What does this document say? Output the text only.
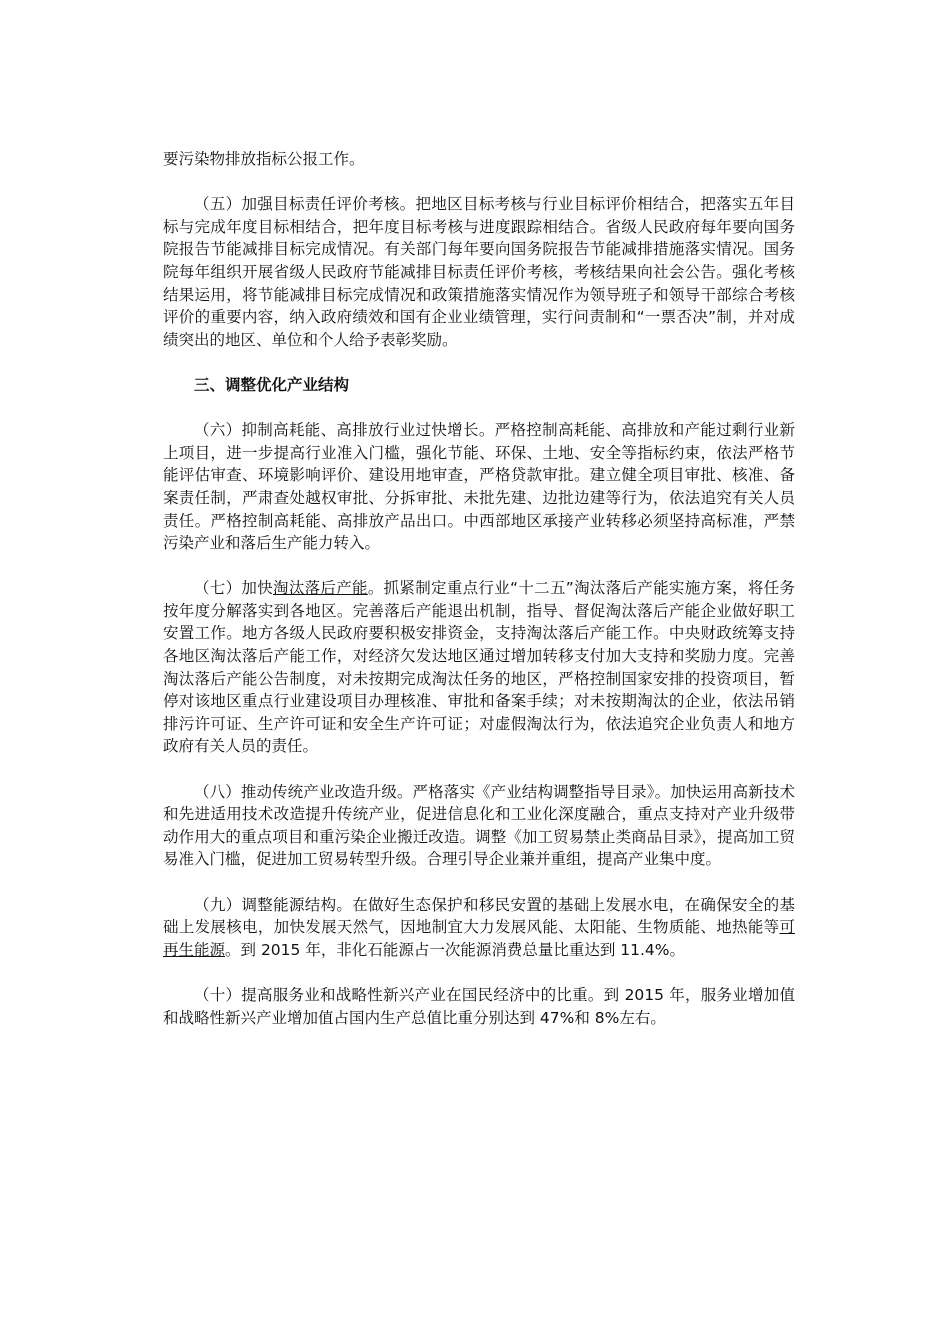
要污染物排放指标公报工作。

（五）加强目标责任评价考核。把地区目标考核与行业目标评价相结合，把落实五年目标与完成年度目标相结合，把年度目标考核与进度跟踪相结合。省级人民政府每年要向国务院报告节能减排目标完成情况。有关部门每年要向国务院报告节能减排措施落实情况。国务院每年组织开展省级人民政府节能减排目标责任评价考核，考核结果向社会公告。强化考核结果运用，将节能减排目标完成情况和政策措施落实情况作为领导班子和领导干部综合考核评价的重要内容，纳入政府绩效和国有企业业绩管理，实行问责制和“一票否决”制，并对成绩突出的地区、单位和个人给予表彰奖励。

三、调整优化产业结构

（六）抑制高耗能、高排放行业过快增长。严格控制高耗能、高排放和产能过剩行业新上项目，进一步提高行业准入门槛，强化节能、环保、土地、安全等指标约束，依法严格节能评估审查、环境影响评价、建设用地审查，严格贷款审批。建立健全项目审批、核准、备案责任制，严肃查处越权审批、分拆审批、未批先建、边批边建等行为，依法追究有关人员责任。严格控制高耗能、高排放产品出口。中西部地区承接产业转移必须坚持高标准，严禁污染产业和落后生产能力转入。

（七）加快淘汰落后产能。抓紧制定重点行业“十二五”淘汰落后产能实施方案，将任务按年度分解落实到各地区。完善落后产能退出机制，指导、督促淘汰落后产能企业做好职工安置工作。地方各级人民政府要积极安排资金，支持淘汰落后产能工作。中央财政统筹支持各地区淘汰落后产能工作，对经济欠发达地区通过增加转移支付加大支持和奖励力度。完善淘汰落后产能公告制度，对未按期完成淘汰任务的地区，严格控制国家安排的投资项目，暂停对该地区重点行业建设项目办理核准、审批和备案手续；对未按期淘汰的企业，依法吊销排污许可证、生产许可证和安全生产许可证；对虚假淘汰行为，依法追究企业负责人和地方政府有关人员的责任。

（八）推动传统产业改造升级。严格落实《产业结构调整指导目录》。加快运用高新技术和先进适用技术改造提升传统产业，促进信息化和工业化深度融合，重点支持对产业升级带动作用大的重点项目和重污染企业搬迁改造。调整《加工贸易禁止类商品目录》，提高加工贸易准入门槛，促进加工贸易转型升级。合理引导企业兼并重组，提高产业集中度。

（九）调整能源结构。在做好生态保护和移民安置的基础上发展水电，在确保安全的基础上发展核电，加快发展天然气，因地制宜大力发展风能、太阳能、生物质能、地热能等可再生能源。到 2015 年，非化石能源占一次能源消费总量比重达到 11.4%。

（十）提高服务业和战略性新兴产业在国民经济中的比重。到 2015 年，服务业增加值和战略性新兴产业增加值占国内生产总值比重分别达到 47%和 8%左右。
